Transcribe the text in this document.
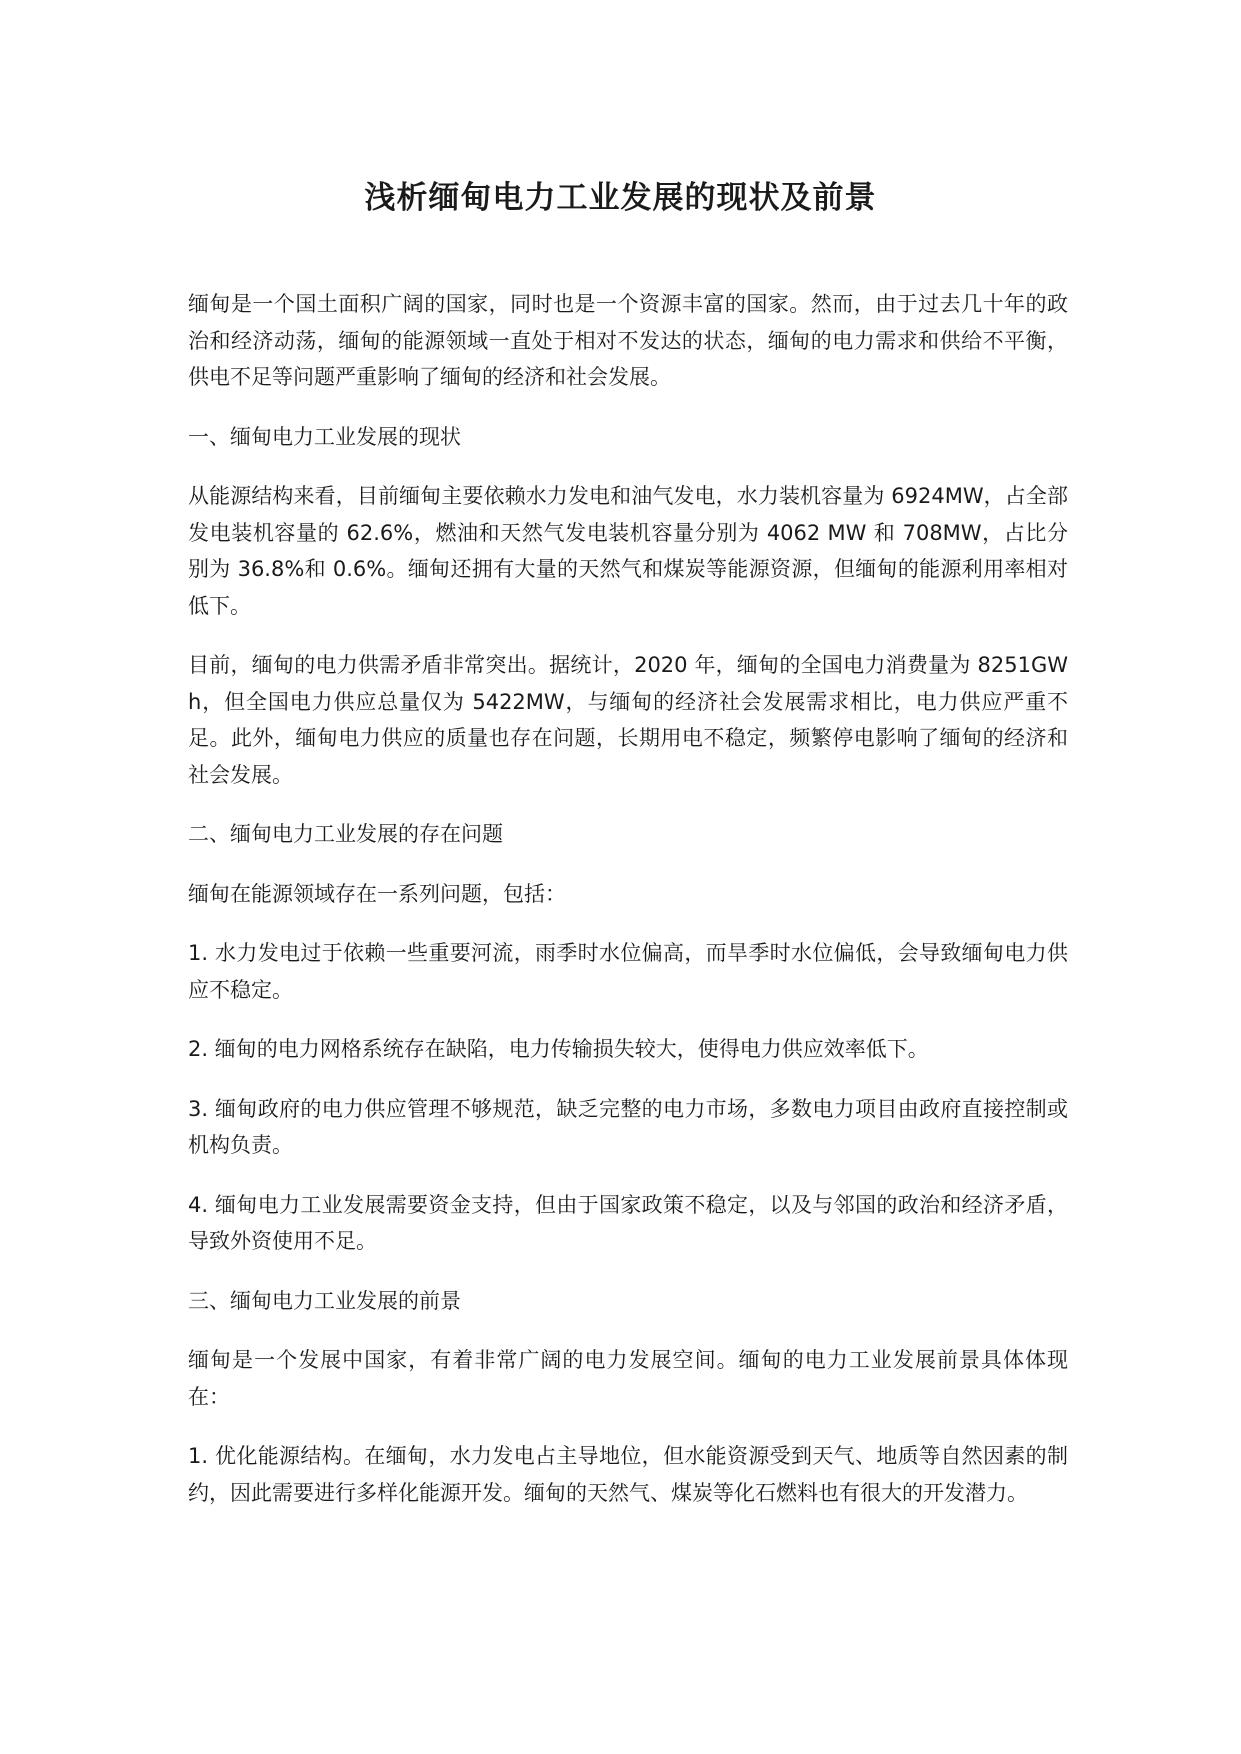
浅析缅甸电力工业发展的现状及前景

缅甸是一个国土面积广阔的国家，同时也是一个资源丰富的国家。然而，由于过去几十年的政治和经济动荡，缅甸的能源领域一直处于相对不发达的状态，缅甸的电力需求和供给不平衡，供电不足等问题严重影响了缅甸的经济和社会发展。

一、缅甸电力工业发展的现状

从能源结构来看，目前缅甸主要依赖水力发电和油气发电，水力装机容量为 6924MW，占全部发电装机容量的 62.6%，燃油和天然气发电装机容量分别为 4062 MW 和 708MW，占比分别为 36.8%和 0.6%。缅甸还拥有大量的天然气和煤炭等能源资源，但缅甸的能源利用率相对低下。

目前，缅甸的电力供需矛盾非常突出。据统计，2020 年，缅甸的全国电力消费量为 8251GWh，但全国电力供应总量仅为 5422MW，与缅甸的经济社会发展需求相比，电力供应严重不足。此外，缅甸电力供应的质量也存在问题，长期用电不稳定，频繁停电影响了缅甸的经济和社会发展。

二、缅甸电力工业发展的存在问题

缅甸在能源领域存在一系列问题，包括：

1. 水力发电过于依赖一些重要河流，雨季时水位偏高，而旱季时水位偏低，会导致缅甸电力供应不稳定。

2. 缅甸的电力网格系统存在缺陷，电力传输损失较大，使得电力供应效率低下。

3. 缅甸政府的电力供应管理不够规范，缺乏完整的电力市场，多数电力项目由政府直接控制或机构负责。

4. 缅甸电力工业发展需要资金支持，但由于国家政策不稳定，以及与邻国的政治和经济矛盾，导致外资使用不足。

三、缅甸电力工业发展的前景

缅甸是一个发展中国家，有着非常广阔的电力发展空间。缅甸的电力工业发展前景具体体现在：

1. 优化能源结构。在缅甸，水力发电占主导地位，但水能资源受到天气、地质等自然因素的制约，因此需要进行多样化能源开发。缅甸的天然气、煤炭等化石燃料也有很大的开发潜力。
